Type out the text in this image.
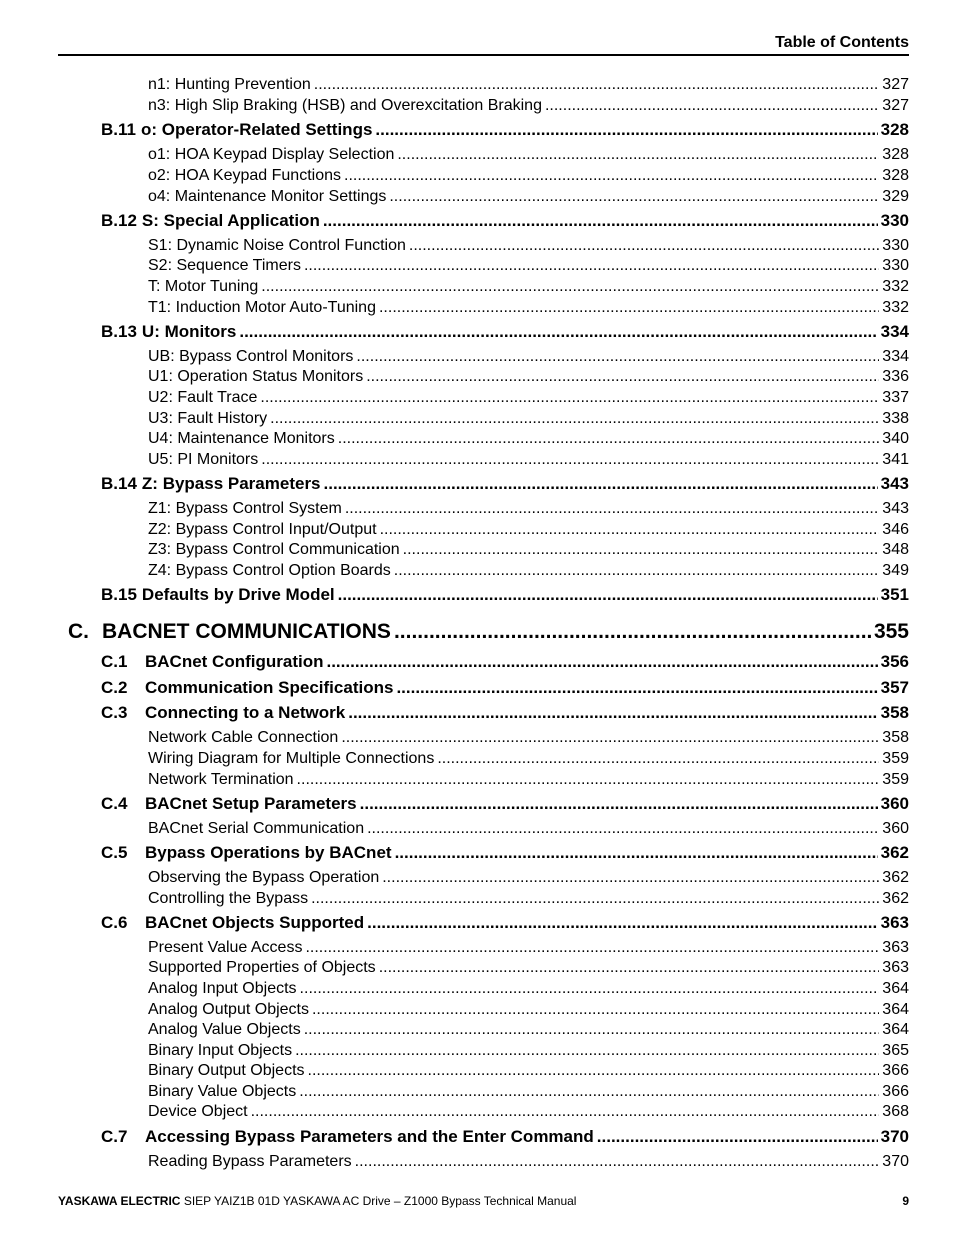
Table of Contents
n1: Hunting Prevention .....	327
n3: High Slip Braking (HSB) and Overexcitation Braking .....	327
B.11 o: Operator-Related Settings .....	328
o1: HOA Keypad Display Selection .....	328
o2: HOA Keypad Functions .....	328
o4: Maintenance Monitor Settings .....	329
B.12 S: Special Application .....	330
S1: Dynamic Noise Control Function .....	330
S2: Sequence Timers .....	330
T: Motor Tuning .....	332
T1: Induction Motor Auto-Tuning .....	332
B.13 U: Monitors .....	334
UB: Bypass Control Monitors .....	334
U1: Operation Status Monitors .....	336
U2: Fault Trace .....	337
U3: Fault History .....	338
U4: Maintenance Monitors .....	340
U5: PI Monitors .....	341
B.14 Z: Bypass Parameters .....	343
Z1: Bypass Control System .....	343
Z2: Bypass Control Input/Output .....	346
Z3: Bypass Control Communication .....	348
Z4: Bypass Control Option Boards .....	349
B.15 Defaults by Drive Model .....	351
C. BACNET COMMUNICATIONS .....	355
C.1 BACnet Configuration .....	356
C.2 Communication Specifications .....	357
C.3 Connecting to a Network .....	358
Network Cable Connection .....	358
Wiring Diagram for Multiple Connections .....	359
Network Termination .....	359
C.4 BACnet Setup Parameters .....	360
BACnet Serial Communication .....	360
C.5 Bypass Operations by BACnet .....	362
Observing the Bypass Operation .....	362
Controlling the Bypass .....	362
C.6 BACnet Objects Supported .....	363
Present Value Access .....	363
Supported Properties of Objects .....	363
Analog Input Objects .....	364
Analog Output Objects .....	364
Analog Value Objects .....	364
Binary Input Objects .....	365
Binary Output Objects .....	366
Binary Value Objects .....	366
Device Object .....	368
C.7 Accessing Bypass Parameters and the Enter Command .....	370
Reading Bypass Parameters .....	370
YASKAWA ELECTRIC SIEP YAIZ1B 01D YASKAWA AC Drive – Z1000 Bypass Technical Manual	9
